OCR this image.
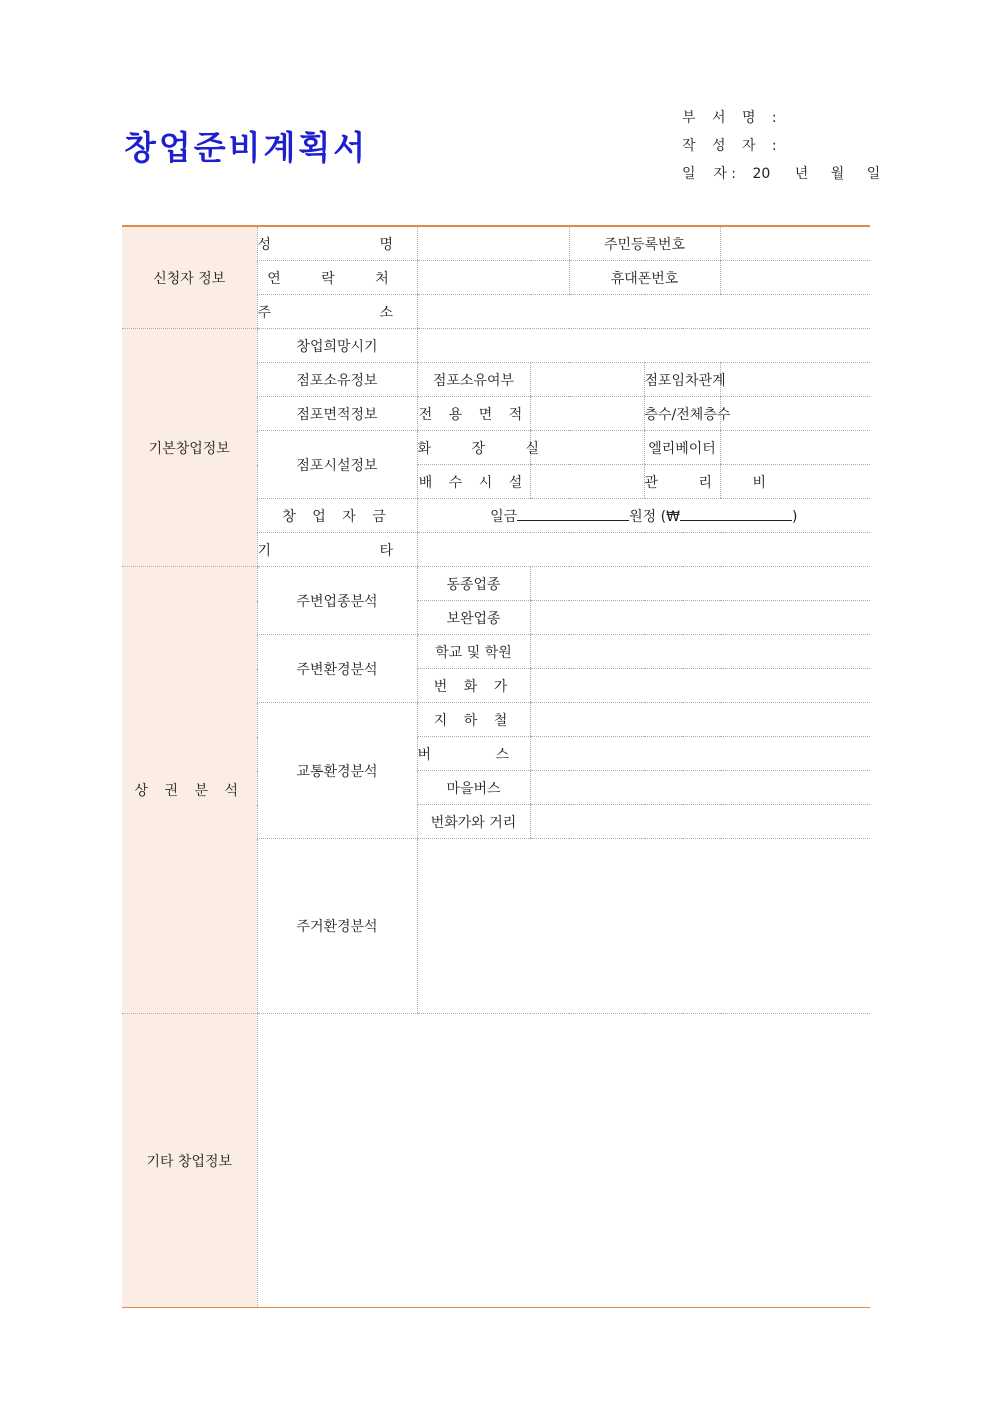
창업준비계획서
부 서 명 :
작 성 자 :
일    자 : 20 년 월 일
신청자 정보	성 명			주민등록번호		
	연 락 처			휴대폰번호		
	주 소					
기본창업정보	창업희망시기					
	점포소유정보	점포소유여부			점포임차관계	
	점포면적정보	전 용 면 적			층수/전체층수	
	점포시설정보	화 장 실			엘리베이터	
		배 수 시 설			관 리 비	
	창 업 자 금	일금 원정 (₩ )				
	기 타					
상 권 분 석	주변업종분석	동종업종				
		보완업종				
	주변환경분석	학교 및 학원				
		번 화 가				
	교통환경분석	지 하 철				
		버 스				
		마을버스				
		번화가와 거리				
	주거환경분석					
기타 창업정보						
